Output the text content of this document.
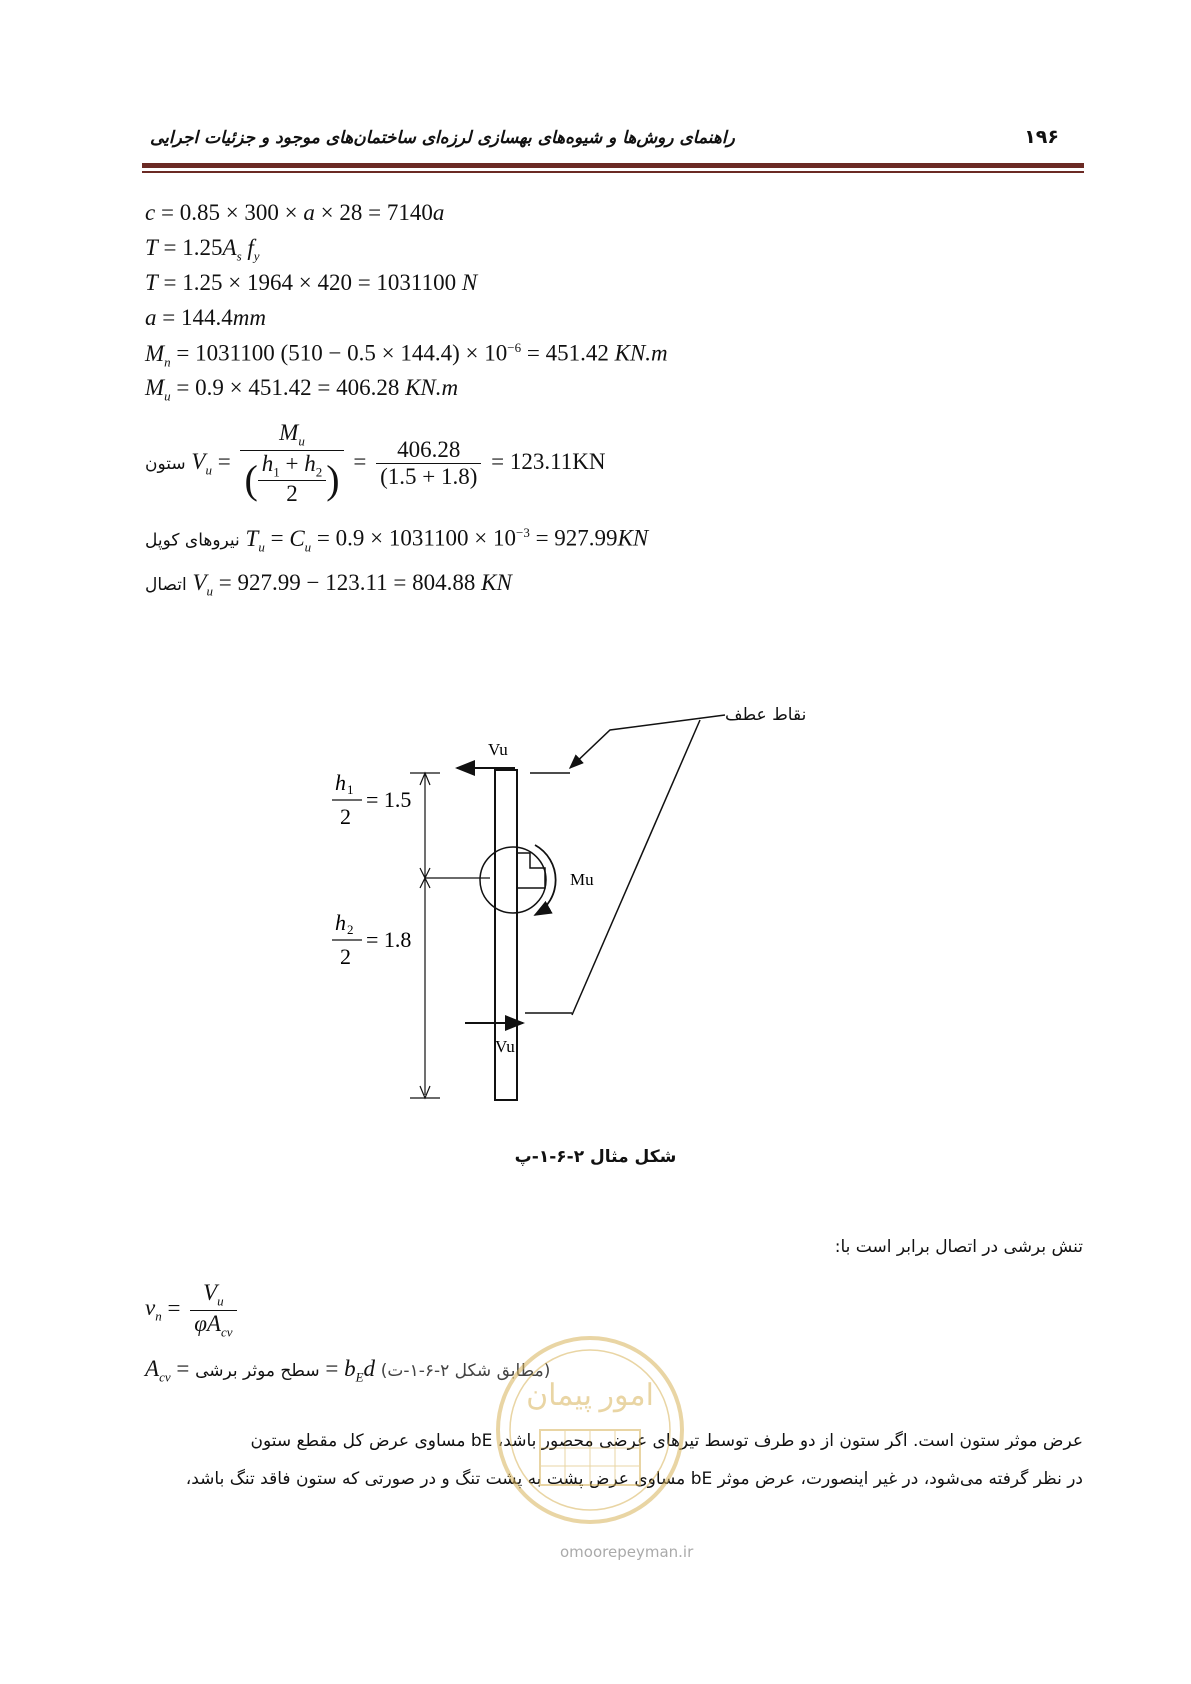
راهنمای روش‌ها و شیوه‌های بهسازی لرزه‌ای ساختمان‌های موجود و جزئیات اجرایی	۱۹۶
c = 0.85 × 300 × a × 28 = 7140a
$T = 1.25A_s$ $f_y$
T = 1.25 × 1964 × 420 = 1031100 N
a = 144.4mm
$M_n = 1031100$ $(510 - 0.5 \times 144.4) \times 10^{-6} = 451.42$ KN.m
$M_u = 0.9 \times 451.42 = 406.28$ KN.m
ستون $V_u = \frac{M_u}{( \frac{h_1 + h_2}{2} )} = \frac{406.28}{(1.5 + 1.8)} = 123.11KN$
نیروهای کوپل $T_u = C_u = 0.9 \times 1031100 \times 10^{-3} = 927.99KN$
اتصال $V_u = 927.99 - 123.11 = 804.88$ KN
نقاط عطف
Vu
Mu
Vu
h 1
2
= 1.5
h 2
2
= 1.8
شکل مثال ۲-۶-۱-پ
تنش برشی در اتصال برابر است با:
$v_n = \frac{V_u}{\varphi A_{cv}}$
$A_{cv}$ = سطح موثر برشی = $b_Ed$ (مطابق شکل ۲-۶-۱-ت)
عرض موثر ستون است. اگر ستون از دو طرف توسط تیرهای عرضی محصور باشد، bE مساوی عرض کل مقطع ستون
در نظر گرفته می‌شود، در غیر اینصورت، عرض موثر bE مساوی عرض پشت به پشت تنگ و در صورتی که ستون فاقد تنگ باشد،
امور پیمان
omoorepeyman.ir
